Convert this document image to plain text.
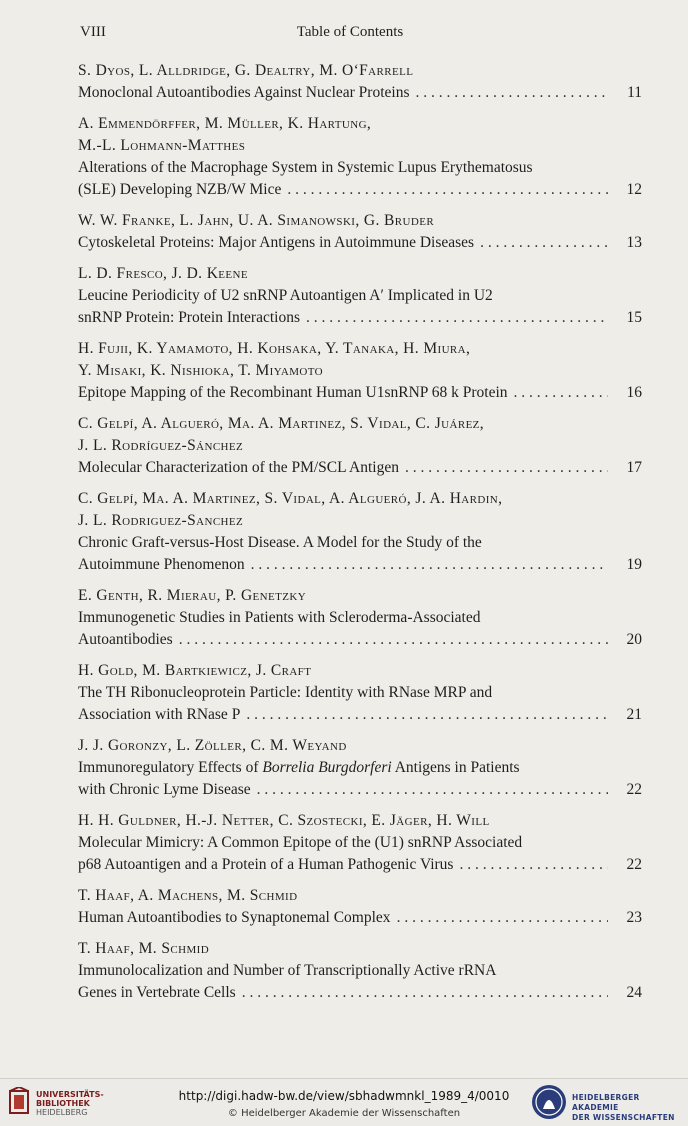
VIII	Table of Contents
S. Dyos, L. Alldridge, G. Dealtry, M. O‘Farrell
Monoclonal Autoantibodies Against Nuclear Proteins . . .	11
A. Emmendörffer, M. Müller, K. Hartung,
M.-L. Lohmann-Matthes
Alterations of the Macrophage System in Systemic Lupus Erythematosus
(SLE) Developing NZB/W Mice . . .	12
W. W. Franke, L. Jahn, U. A. Simanowski, G. Bruder
Cytoskeletal Proteins: Major Antigens in Autoimmune Diseases . . .	13
L. D. Fresco, J. D. Keene
Leucine Periodicity of U2 snRNP Autoantigen A′ Implicated in U2
snRNP Protein: Protein Interactions . . .	15
H. Fujii, K. Yamamoto, H. Kohsaka, Y. Tanaka, H. Miura,
Y. Misaki, K. Nishioka, T. Miyamoto
Epitope Mapping of the Recombinant Human U1snRNP 68 k Protein . . .	16
C. Gelpí, A. Algueró, Ma. A. Martinez, S. Vidal, C. Juárez,
J. L. Rodríguez-Sánchez
Molecular Characterization of the PM/SCL Antigen . . .	17
C. Gelpí, Ma. A. Martinez, S. Vidal, A. Algueró, J. A. Hardin,
J. L. Rodriguez-Sanchez
Chronic Graft-versus-Host Disease. A Model for the Study of the
Autoimmune Phenomenon . . .	19
E. Genth, R. Mierau, P. Genetzky
Immunogenetic Studies in Patients with Scleroderma-Associated
Autoantibodies . . .	20
H. Gold, M. Bartkiewicz, J. Craft
The TH Ribonucleoprotein Particle: Identity with RNase MRP and
Association with RNase P . . .	21
J. J. Goronzy, L. Zöller, C. M. Weyand
Immunoregulatory Effects of Borrelia Burgdorferi Antigens in Patients
with Chronic Lyme Disease . . .	22
H. H. Guldner, H.-J. Netter, C. Szostecki, E. Jäger, H. Will
Molecular Mimicry: A Common Epitope of the (U1) snRNP Associated
p68 Autoantigen and a Protein of a Human Pathogenic Virus . . .	22
T. Haaf, A. Machens, M. Schmid
Human Autoantibodies to Synaptonemal Complex . . .	23
T. Haaf, M. Schmid
Immunolocalization and Number of Transcriptionally Active rRNA
Genes in Vertebrate Cells . . .	24
UNIVERSITÄTS-
BIBLIOTHEK
HEIDELBERG
http://digi.hadw-bw.de/view/sbhadwmnkl_1989_4/0010
© Heidelberger Akademie der Wissenschaften
HEIDELBERGER AKADEMIE
DER WISSENSCHAFTEN
